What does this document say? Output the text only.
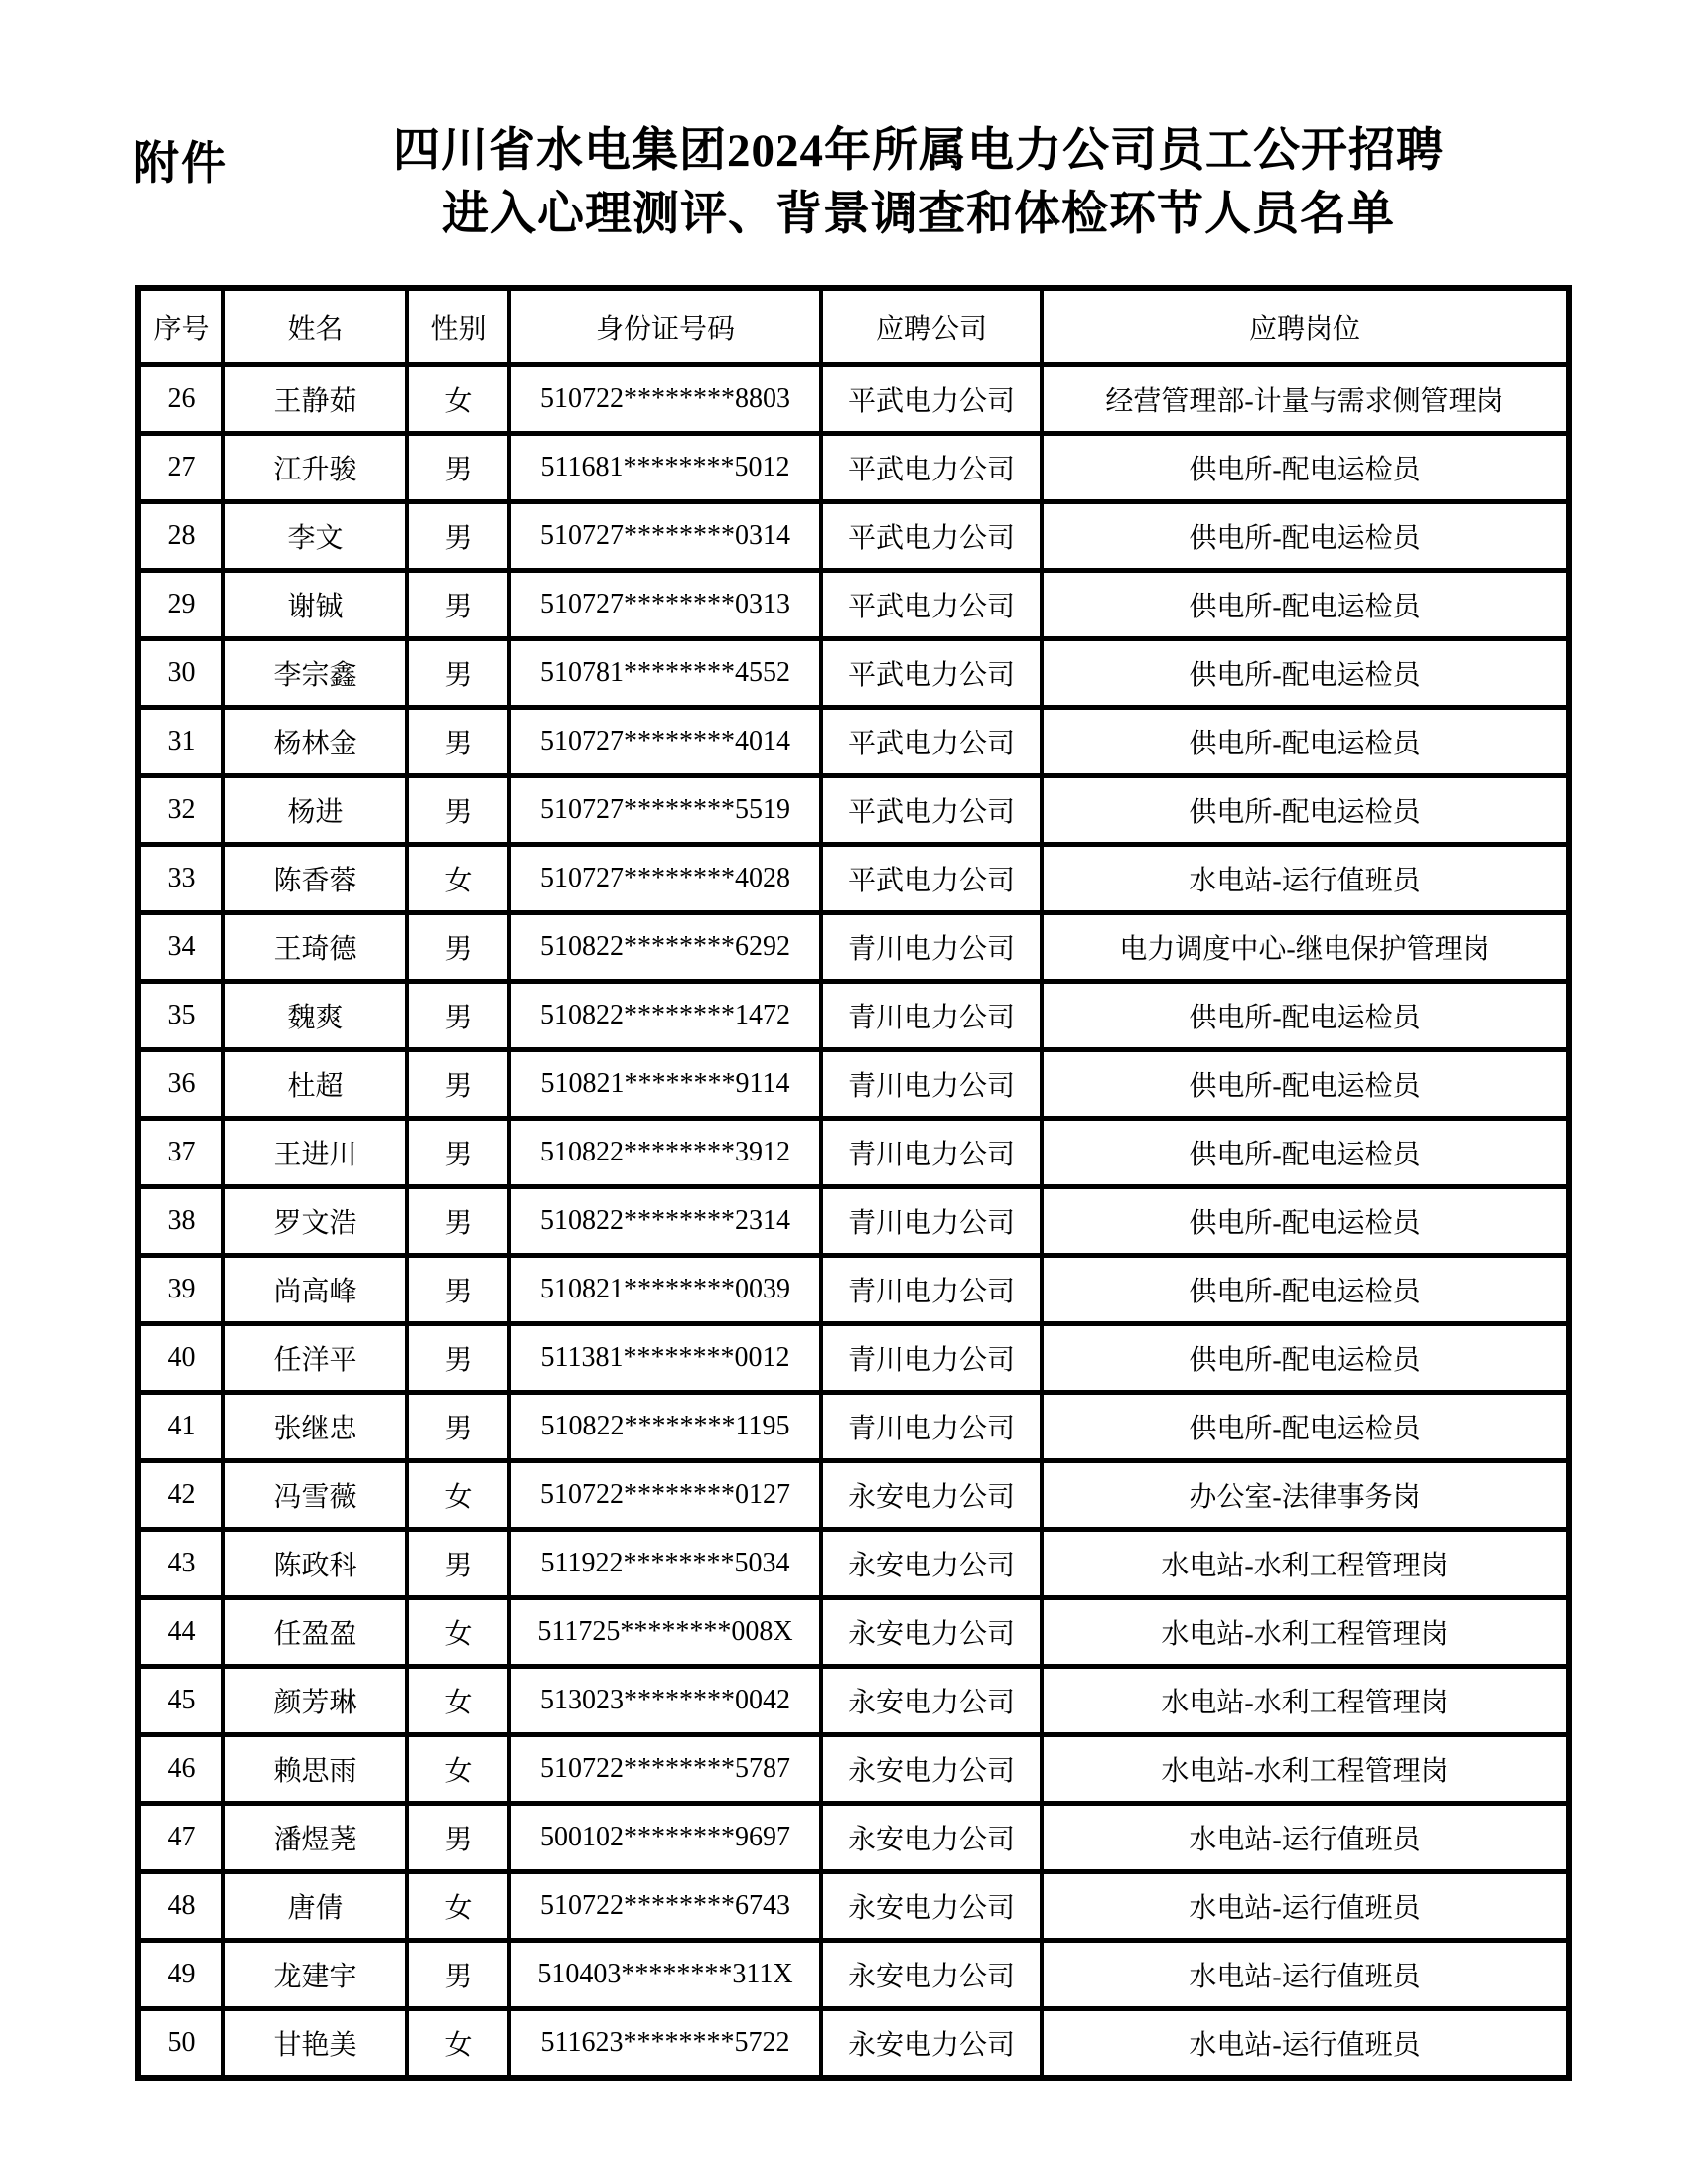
附件	四川省水电集团2024年所属电力公司员工公开招聘
进入心理测评、背景调查和体检环节人员名单
序号	姓名	性别	身份证号码	应聘公司	应聘岗位
26	王静茹	女	510722********8803	平武电力公司	经营管理部-计量与需求侧管理岗
27	江升骏	男	511681********5012	平武电力公司	供电所-配电运检员
28	李文	男	510727********0314	平武电力公司	供电所-配电运检员
29	谢铖	男	510727********0313	平武电力公司	供电所-配电运检员
30	李宗鑫	男	510781********4552	平武电力公司	供电所-配电运检员
31	杨林金	男	510727********4014	平武电力公司	供电所-配电运检员
32	杨进	男	510727********5519	平武电力公司	供电所-配电运检员
33	陈香蓉	女	510727********4028	平武电力公司	水电站-运行值班员
34	王琦德	男	510822********6292	青川电力公司	电力调度中心-继电保护管理岗
35	魏爽	男	510822********1472	青川电力公司	供电所-配电运检员
36	杜超	男	510821********9114	青川电力公司	供电所-配电运检员
37	王进川	男	510822********3912	青川电力公司	供电所-配电运检员
38	罗文浩	男	510822********2314	青川电力公司	供电所-配电运检员
39	尚高峰	男	510821********0039	青川电力公司	供电所-配电运检员
40	任洋平	男	511381********0012	青川电力公司	供电所-配电运检员
41	张继忠	男	510822********1195	青川电力公司	供电所-配电运检员
42	冯雪薇	女	510722********0127	永安电力公司	办公室-法律事务岗
43	陈政科	男	511922********5034	永安电力公司	水电站-水利工程管理岗
44	任盈盈	女	511725********008X	永安电力公司	水电站-水利工程管理岗
45	颜芳琳	女	513023********0042	永安电力公司	水电站-水利工程管理岗
46	赖思雨	女	510722********5787	永安电力公司	水电站-水利工程管理岗
47	潘煜荛	男	500102********9697	永安电力公司	水电站-运行值班员
48	唐倩	女	510722********6743	永安电力公司	水电站-运行值班员
49	龙建宇	男	510403********311X	永安电力公司	水电站-运行值班员
50	甘艳美	女	511623********5722	永安电力公司	水电站-运行值班员
